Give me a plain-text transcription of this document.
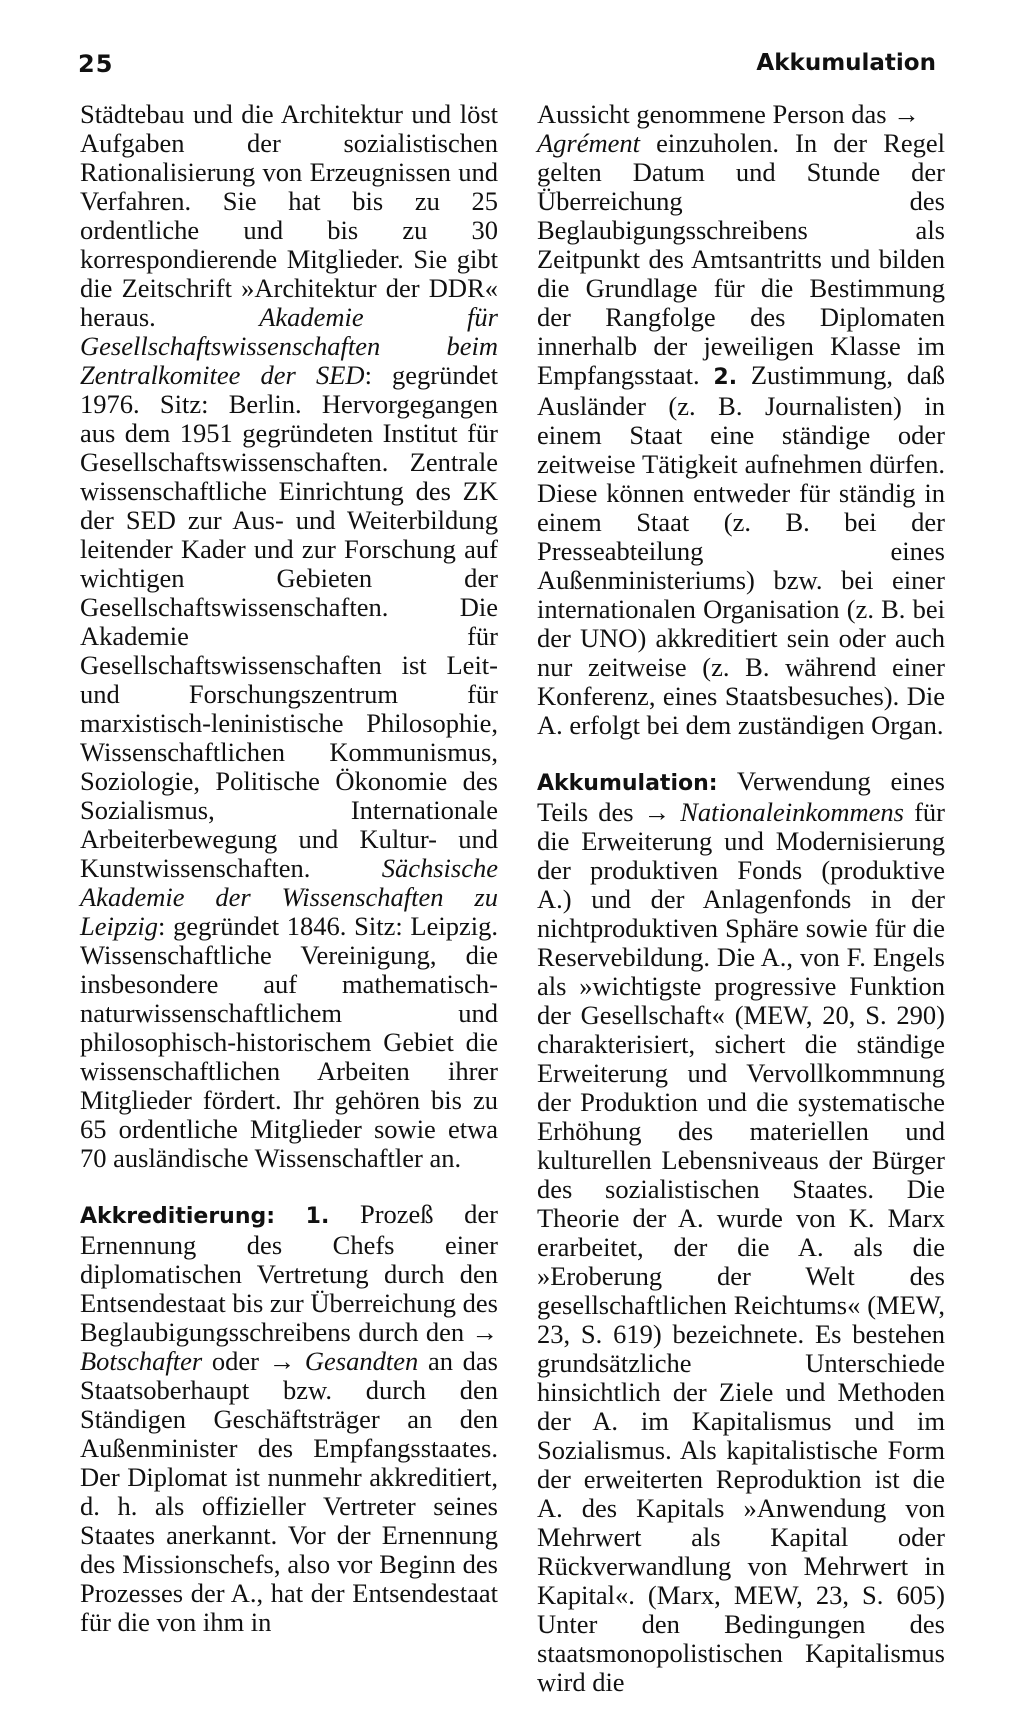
25	Akkumulation

Städtebau und die Architektur und löst Aufgaben der sozialistischen Rationalisierung von Erzeugnissen und Verfahren. Sie hat bis zu 25 ordentliche und bis zu 30 korrespondierende Mitglieder. Sie gibt die Zeitschrift »Architektur der DDR« heraus. Akademie für Gesellschaftswissenschaften beim Zentralkomitee der SED: gegründet 1976. Sitz: Berlin. Hervorgegangen aus dem 1951 gegründeten Institut für Gesellschaftswissenschaften. Zentrale wissenschaftliche Einrichtung des ZK der SED zur Aus- und Weiterbildung leitender Kader und zur Forschung auf wichtigen Gebieten der Gesellschaftswissenschaften. Die Akademie für Gesellschaftswissenschaften ist Leit- und Forschungszentrum für marxistisch-leninistische Philosophie, Wissenschaftlichen Kommunismus, Soziologie, Politische Ökonomie des Sozialismus, Internationale Arbeiterbewegung und Kultur- und Kunstwissenschaften. Sächsische Akademie der Wissenschaften zu Leipzig: gegründet 1846. Sitz: Leipzig. Wissenschaftliche Vereinigung, die insbesondere auf mathematisch-naturwissenschaftlichem und philosophisch-historischem Gebiet die wissenschaftlichen Arbeiten ihrer Mitglieder fördert. Ihr gehören bis zu 65 ordentliche Mitglieder sowie etwa 70 ausländische Wissenschaftler an.

Akkreditierung: 1. Prozeß der Ernennung des Chefs einer diplomatischen Vertretung durch den Entsendestaat bis zur Überreichung des Beglaubigungsschreibens durch den → Botschafter oder → Gesandten an das Staatsoberhaupt bzw. durch den Ständigen Geschäftsträger an den Außenminister des Empfangsstaates. Der Diplomat ist nunmehr akkreditiert, d. h. als offizieller Vertreter seines Staates anerkannt. Vor der Ernennung des Missionschefs, also vor Beginn des Prozesses der A., hat der Entsendestaat für die von ihm in

Aussicht genommene Person das →
Agrément einzuholen. In der Regel gelten Datum und Stunde der Überreichung des Beglaubigungsschreibens als Zeitpunkt des Amtsantritts und bilden die Grundlage für die Bestimmung der Rangfolge des Diplomaten innerhalb der jeweiligen Klasse im Empfangsstaat. 2. Zustimmung, daß Ausländer (z. B. Journalisten) in einem Staat eine ständige oder zeitweise Tätigkeit aufnehmen dürfen. Diese können entweder für ständig in einem Staat (z. B. bei der Presseabteilung eines Außenministeriums) bzw. bei einer internationalen Organisation (z. B. bei der UNO) akkreditiert sein oder auch nur zeitweise (z. B. während einer Konferenz, eines Staatsbesuches). Die A. erfolgt bei dem zuständigen Organ.

Akkumulation: Verwendung eines Teils des → Nationaleinkommens für die Erweiterung und Modernisierung der produktiven Fonds (produktive A.) und der Anlagenfonds in der nichtproduktiven Sphäre sowie für die Reservebildung. Die A., von F. Engels als »wichtigste progressive Funktion der Gesellschaft« (MEW, 20, S. 290) charakterisiert, sichert die ständige Erweiterung und Vervollkommnung der Produktion und die systematische Erhöhung des materiellen und kulturellen Lebensniveaus der Bürger des sozialistischen Staates. Die Theorie der A. wurde von K. Marx erarbeitet, der die A. als die »Eroberung der Welt des gesellschaftlichen Reichtums« (MEW, 23, S. 619) bezeichnete. Es bestehen grundsätzliche Unterschiede hinsichtlich der Ziele und Methoden der A. im Kapitalismus und im Sozialismus. Als kapitalistische Form der erweiterten Reproduktion ist die A. des Kapitals »Anwendung von Mehrwert als Kapital oder Rückverwandlung von Mehrwert in Kapital«. (Marx, MEW, 23, S. 605) Unter den Bedingungen des staatsmonopolistischen Kapitalismus wird die
